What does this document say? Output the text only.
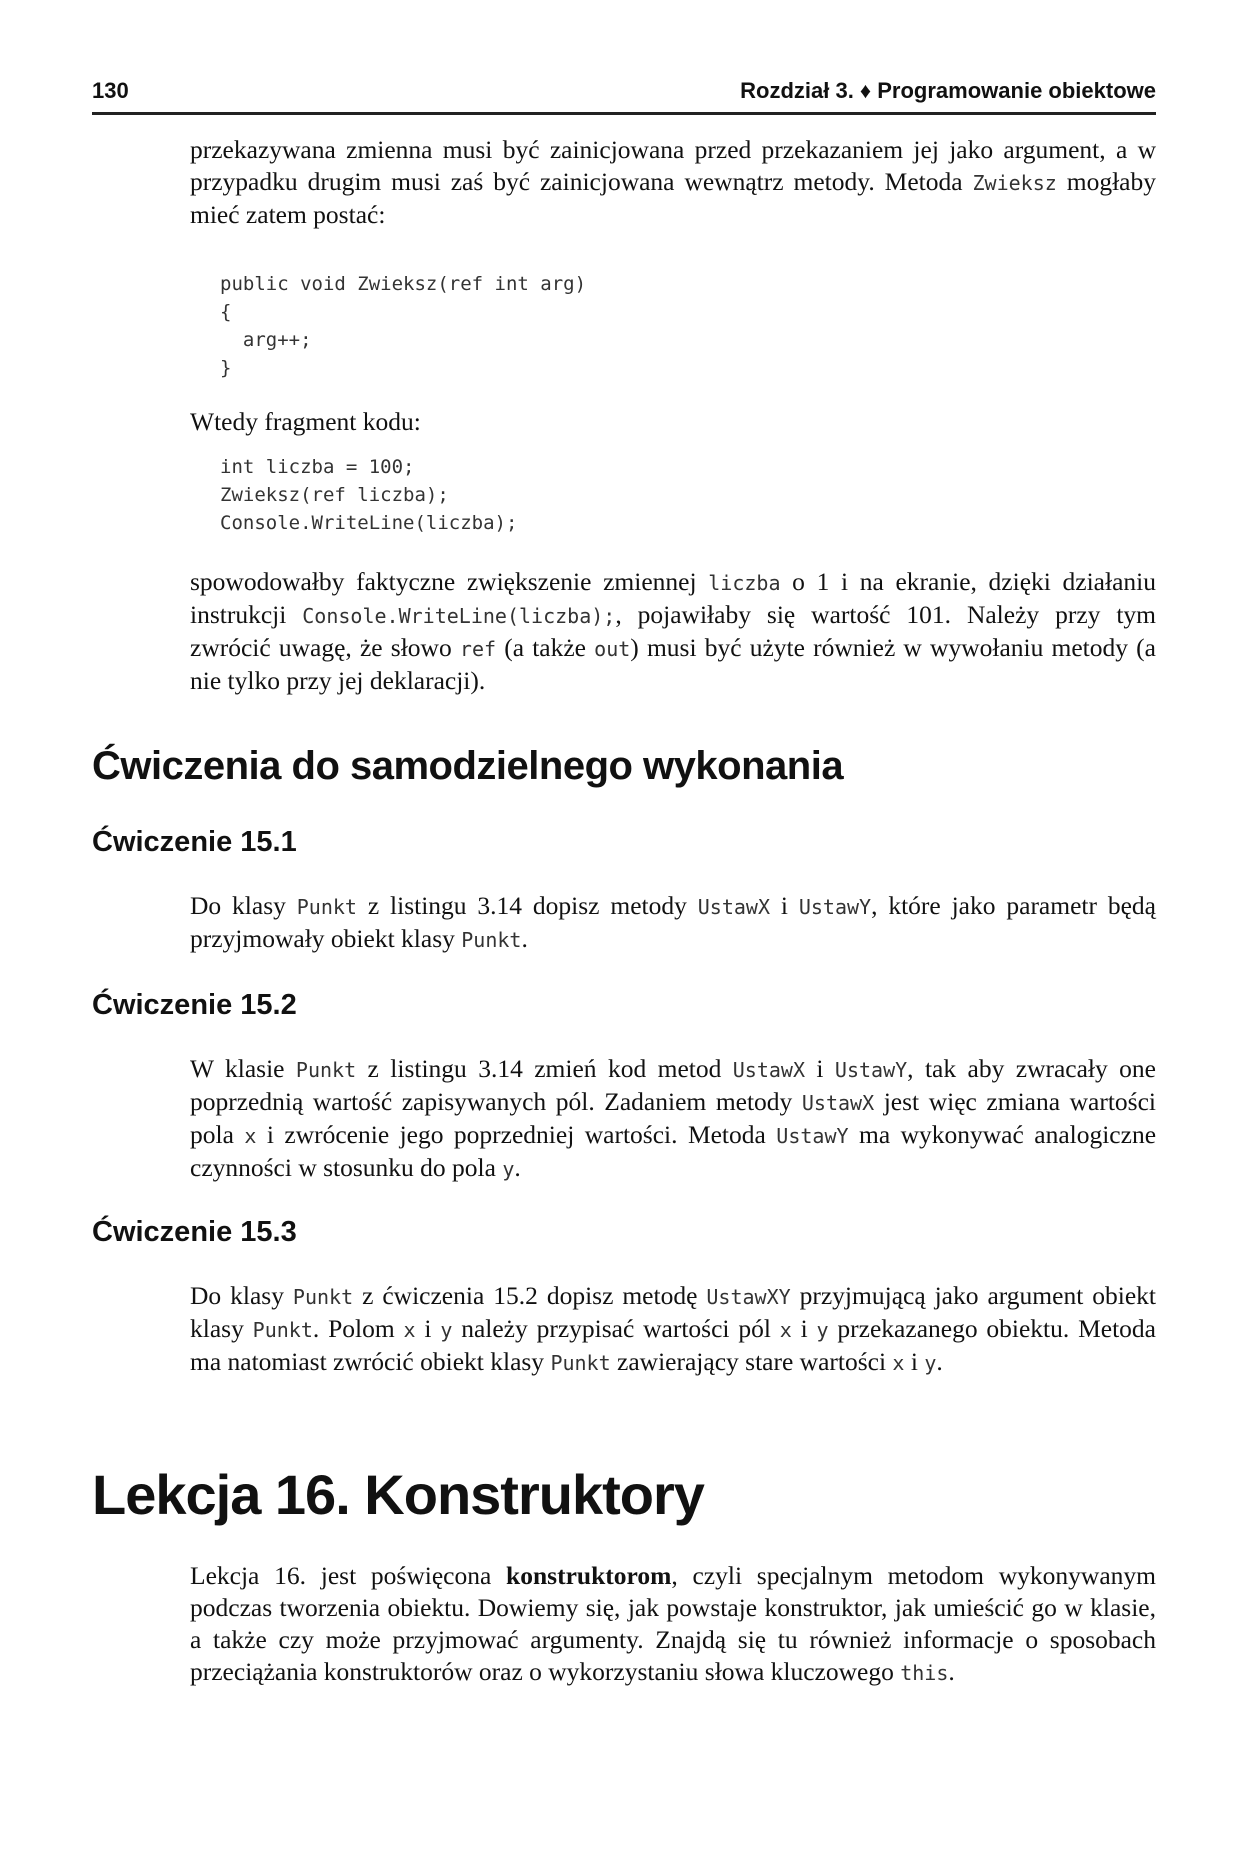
130	Rozdział 3. ♦ Programowanie obiektowe

przekazywana zmienna musi być zainicjowana przed przekazaniem jej jako argument, a w przypadku drugim musi zaś być zainicjowana wewnątrz metody. Metoda Zwieksz mogłaby mieć zatem postać:

public void Zwieksz(ref int arg)
{
arg++;
}

Wtedy fragment kodu:

int liczba = 100;
Zwieksz(ref liczba);
Console.WriteLine(liczba);

spowodowałby faktyczne zwiększenie zmiennej liczba o 1 i na ekranie, dzięki działaniu instrukcji Console.WriteLine(liczba);, pojawiłaby się wartość 101. Należy przy tym zwrócić uwagę, że słowo ref (a także out) musi być użyte również w wywołaniu metody (a nie tylko przy jej deklaracji).

Ćwiczenia do samodzielnego wykonania
Ćwiczenie 15.1

Do klasy Punkt z listingu 3.14 dopisz metody UstawX i UstawY, które jako parametr będą przyjmowały obiekt klasy Punkt.

Ćwiczenie 15.2

W klasie Punkt z listingu 3.14 zmień kod metod UstawX i UstawY, tak aby zwracały one poprzednią wartość zapisywanych pól. Zadaniem metody UstawX jest więc zmiana wartości pola x i zwrócenie jego poprzedniej wartości. Metoda UstawY ma wykonywać analogiczne czynności w stosunku do pola y.

Ćwiczenie 15.3

Do klasy Punkt z ćwiczenia 15.2 dopisz metodę UstawXY przyjmującą jako argument obiekt klasy Punkt. Polom x i y należy przypisać wartości pól x i y przekazanego obiektu. Metoda ma natomiast zwrócić obiekt klasy Punkt zawierający stare wartości x i y.

Lekcja 16. Konstruktory

Lekcja 16. jest poświęcona konstruktorom, czyli specjalnym metodom wykonywanym podczas tworzenia obiektu. Dowiemy się, jak powstaje konstruktor, jak umieścić go w klasie, a także czy może przyjmować argumenty. Znajdą się tu również informacje o sposobach przeciążania konstruktorów oraz o wykorzystaniu słowa kluczowego this.
